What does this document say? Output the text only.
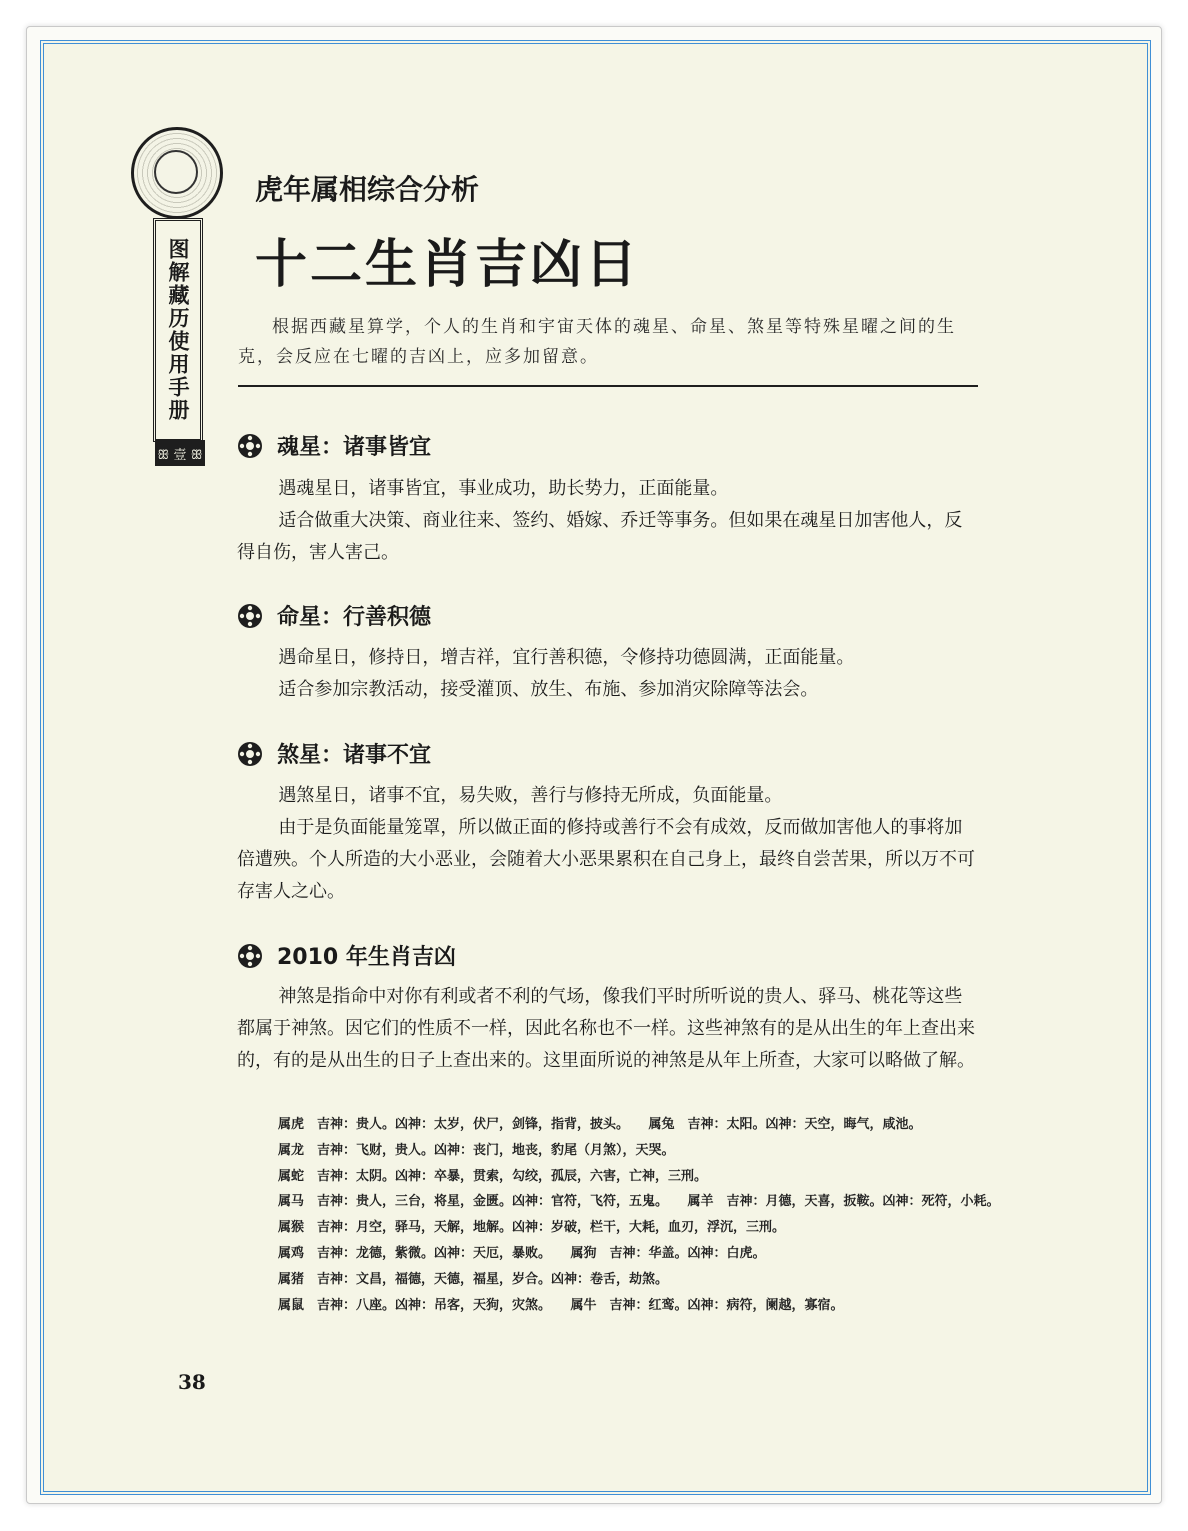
图解藏历使用手册
ꕥ 壹 ꕥ
虎年属相综合分析
十二生肖吉凶日
根据西藏星算学，个人的生肖和宇宙天体的魂星、命星、煞星等特殊星曜之间的生克，会反应在七曜的吉凶上，应多加留意。
魂星：诸事皆宜

遇魂星日，诸事皆宜，事业成功，助长势力，正面能量。

适合做重大决策、商业往来、签约、婚嫁、乔迁等事务。但如果在魂星日加害他人，反得自伤，害人害己。

命星：行善积德

遇命星日，修持日，增吉祥，宜行善积德，令修持功德圆满，正面能量。

适合参加宗教活动，接受灌顶、放生、布施、参加消灾除障等法会。

煞星：诸事不宜

遇煞星日，诸事不宜，易失败，善行与修持无所成，负面能量。

由于是负面能量笼罩，所以做正面的修持或善行不会有成效，反而做加害他人的事将加倍遭殃。个人所造的大小恶业，会随着大小恶果累积在自己身上，最终自尝苦果，所以万不可存害人之心。

2010 年生肖吉凶

神煞是指命中对你有利或者不利的气场，像我们平时所听说的贵人、驿马、桃花等这些都属于神煞。因它们的性质不一样，因此名称也不一样。这些神煞有的是从出生的年上查出来的，有的是从出生的日子上查出来的。这里面所说的神煞是从年上所查，大家可以略做了解。

属虎　吉神：贵人。凶神：太岁，伏尸，剑锋，指背，披头。　　属兔　吉神：太阳。凶神：天空，晦气，咸池。
属龙　吉神：飞财，贵人。凶神：丧门，地丧，豹尾（月煞），天哭。
属蛇　吉神：太阴。凶神：卒暴，贯索，勾绞，孤辰，六害，亡神，三刑。
属马　吉神：贵人，三台，将星，金匮。凶神：官符，飞符，五鬼。　　属羊　吉神：月德，天喜，扳鞍。凶神：死符，小耗。
属猴　吉神：月空，驿马，天解，地解。凶神：岁破，栏干，大耗，血刃，浮沉，三刑。
属鸡　吉神：龙德，紫微。凶神：天厄，暴败。　　属狗　吉神：华盖。凶神：白虎。
属猪　吉神：文昌，福德，天德，福星，岁合。凶神：卷舌，劫煞。
属鼠　吉神：八座。凶神：吊客，天狗，灾煞。　　属牛　吉神：红鸾。凶神：病符，阑越，寡宿。
38
